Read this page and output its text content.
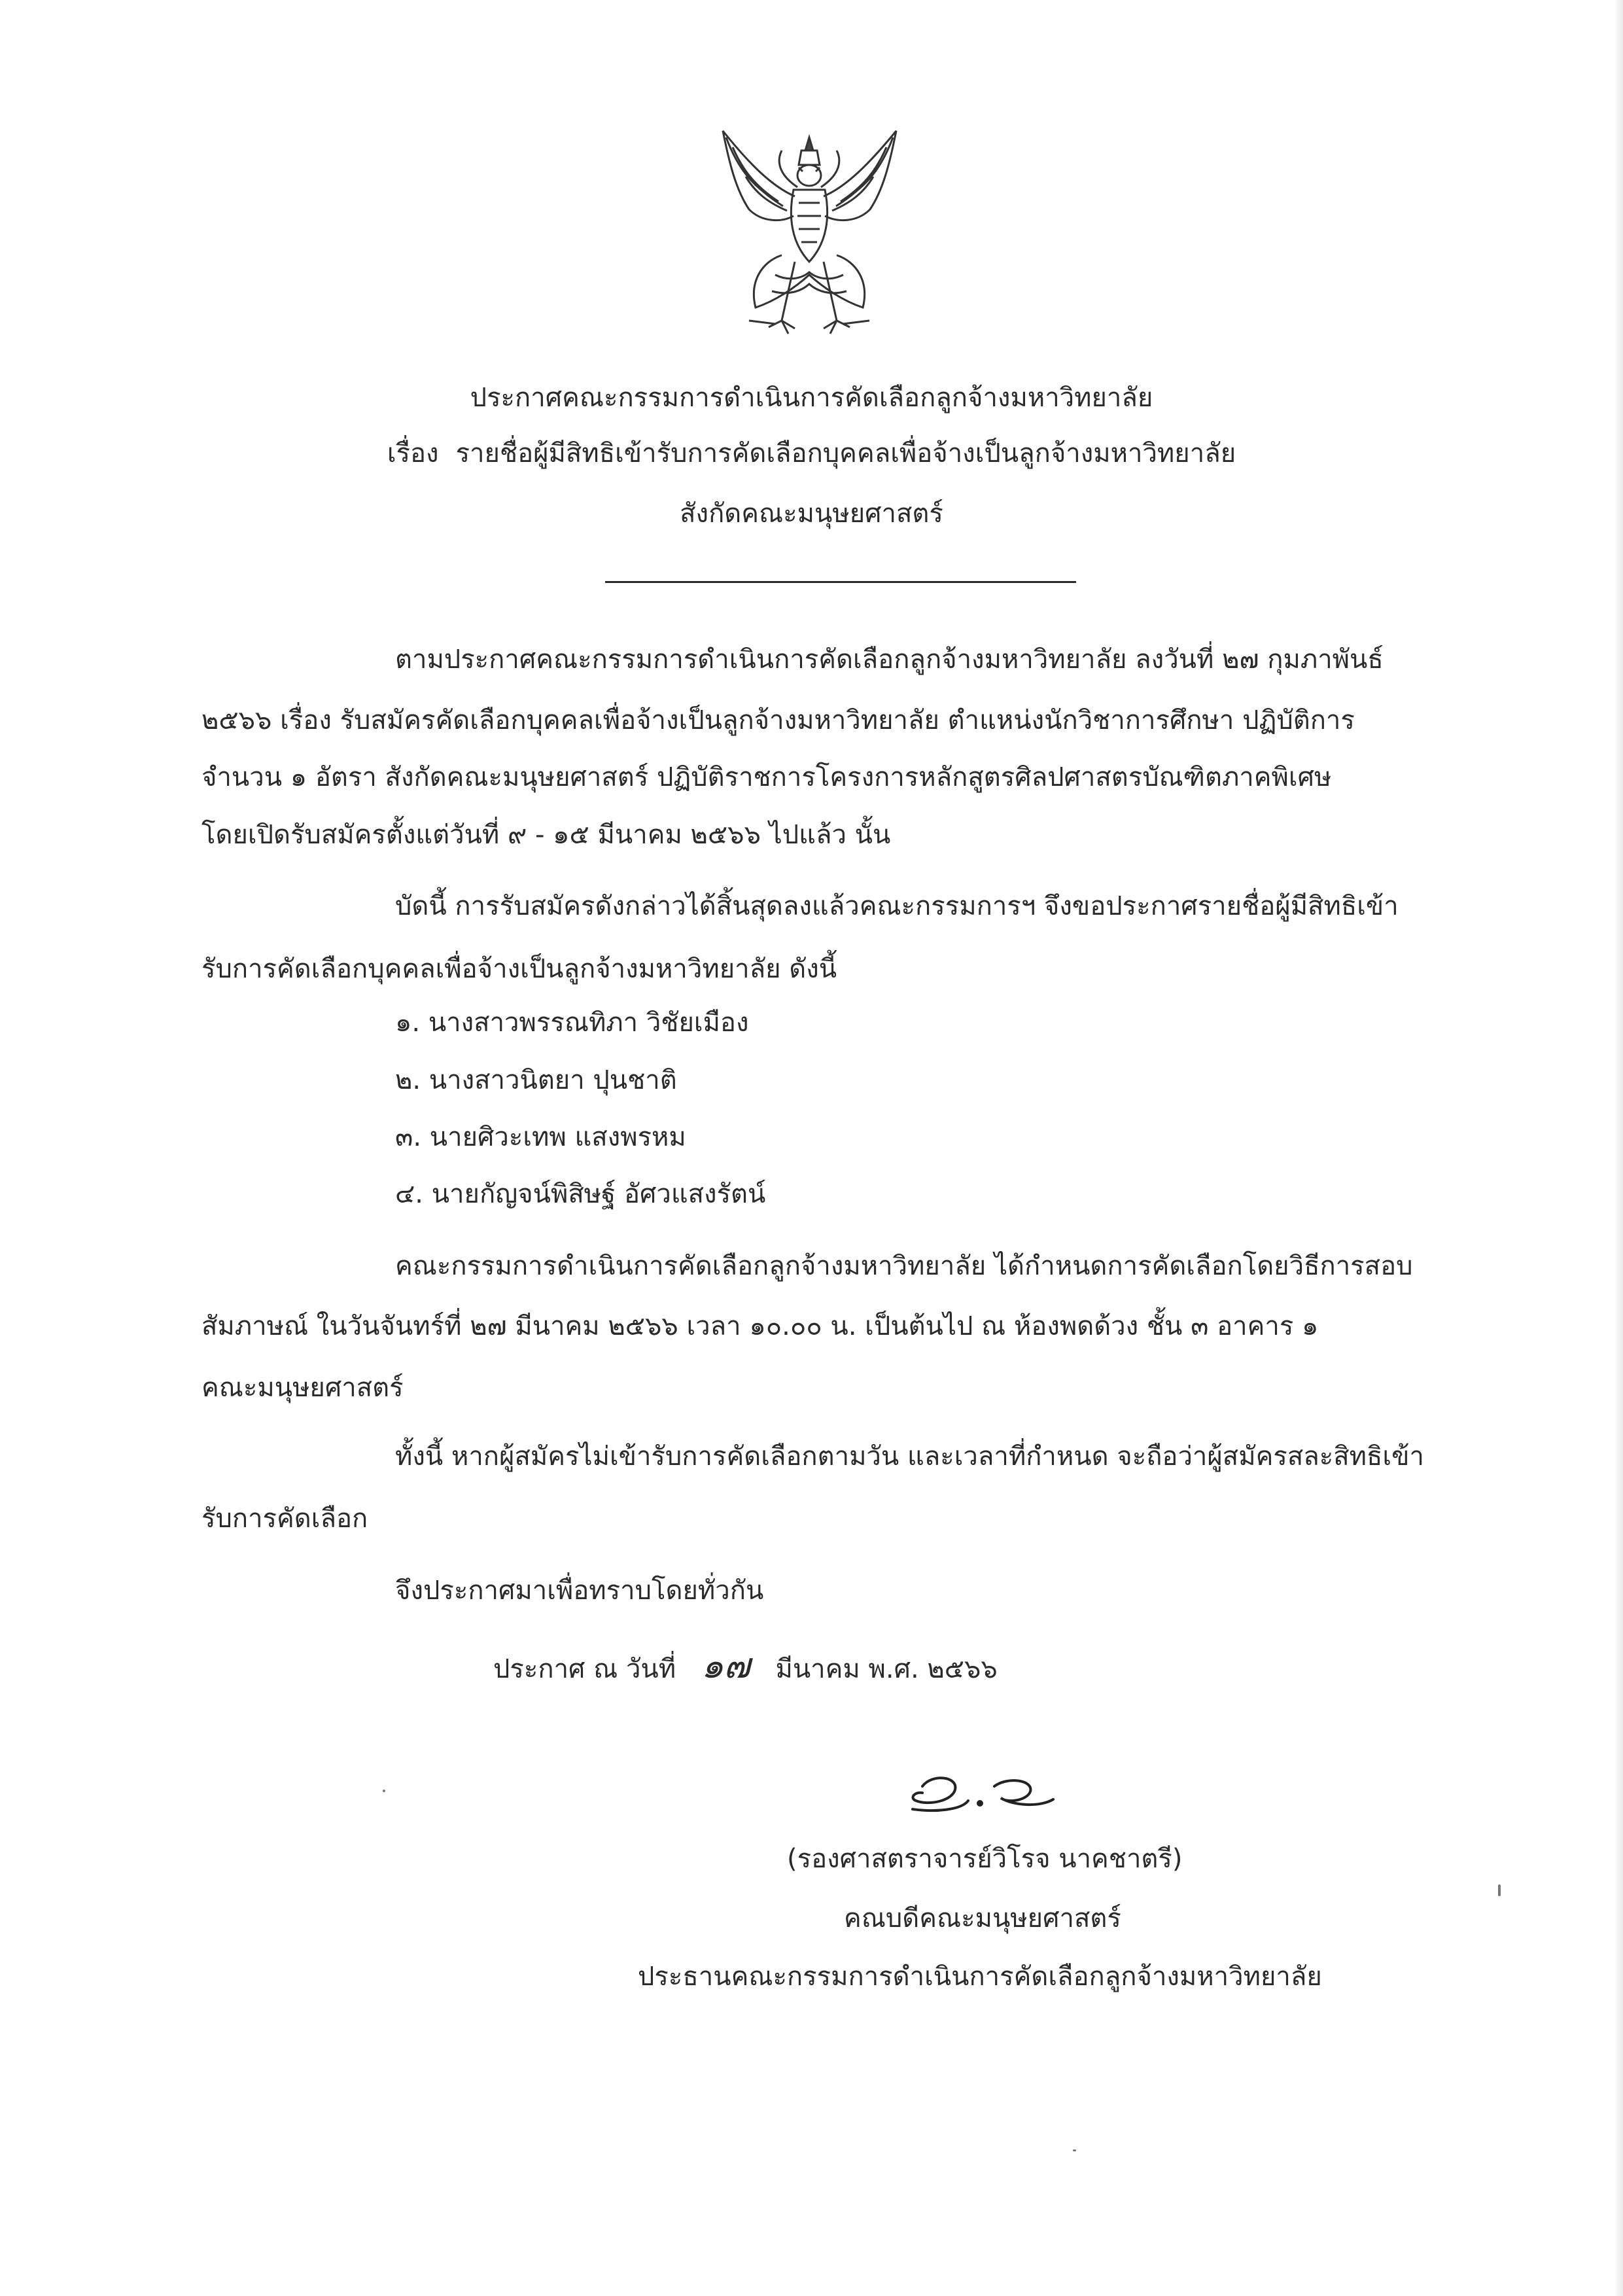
ประกาศคณะกรรมการดำเนินการคัดเลือกลูกจ้างมหาวิทยาลัย
เรื่อง รายชื่อผู้มีสิทธิเข้ารับการคัดเลือกบุคคลเพื่อจ้างเป็นลูกจ้างมหาวิทยาลัย
สังกัดคณะมนุษยศาสตร์
ตามประกาศคณะกรรมการดำเนินการคัดเลือกลูกจ้างมหาวิทยาลัย ลงวันที่ ๒๗ กุมภาพันธ์
๒๕๖๖ เรื่อง รับสมัครคัดเลือกบุคคลเพื่อจ้างเป็นลูกจ้างมหาวิทยาลัย ตำแหน่งนักวิชาการศึกษา ปฏิบัติการ
จำนวน ๑ อัตรา สังกัดคณะมนุษยศาสตร์ ปฏิบัติราชการโครงการหลักสูตรศิลปศาสตรบัณฑิตภาคพิเศษ
โดยเปิดรับสมัครตั้งแต่วันที่ ๙ - ๑๕ มีนาคม ๒๕๖๖ ไปแล้ว นั้น
บัดนี้ การรับสมัครดังกล่าวได้สิ้นสุดลงแล้วคณะกรรมการฯ จึงขอประกาศรายชื่อผู้มีสิทธิเข้า
รับการคัดเลือกบุคคลเพื่อจ้างเป็นลูกจ้างมหาวิทยาลัย ดังนี้
๑. นางสาวพรรณทิภา วิชัยเมือง
๒. นางสาวนิตยา ปุนชาติ
๓. นายศิวะเทพ แสงพรหม
๔. นายกัญจน์พิสิษฐ์ อัศวแสงรัตน์
คณะกรรมการดำเนินการคัดเลือกลูกจ้างมหาวิทยาลัย ได้กำหนดการคัดเลือกโดยวิธีการสอบ
สัมภาษณ์ ในวันจันทร์ที่ ๒๗ มีนาคม ๒๕๖๖ เวลา ๑๐.๐๐ น. เป็นต้นไป ณ ห้องพดด้วง ชั้น ๓ อาคาร ๑
คณะมนุษยศาสตร์
ทั้งนี้ หากผู้สมัครไม่เข้ารับการคัดเลือกตามวัน และเวลาที่กำหนด จะถือว่าผู้สมัครสละสิทธิเข้า
รับการคัดเลือก
จึงประกาศมาเพื่อทราบโดยทั่วกัน
ประกาศ ณ วันที่ ๑๗ มีนาคม พ.ศ. ๒๕๖๖
(รองศาสตราจารย์วิโรจ นาคชาตรี)
คณบดีคณะมนุษยศาสตร์
ประธานคณะกรรมการดำเนินการคัดเลือกลูกจ้างมหาวิทยาลัย
